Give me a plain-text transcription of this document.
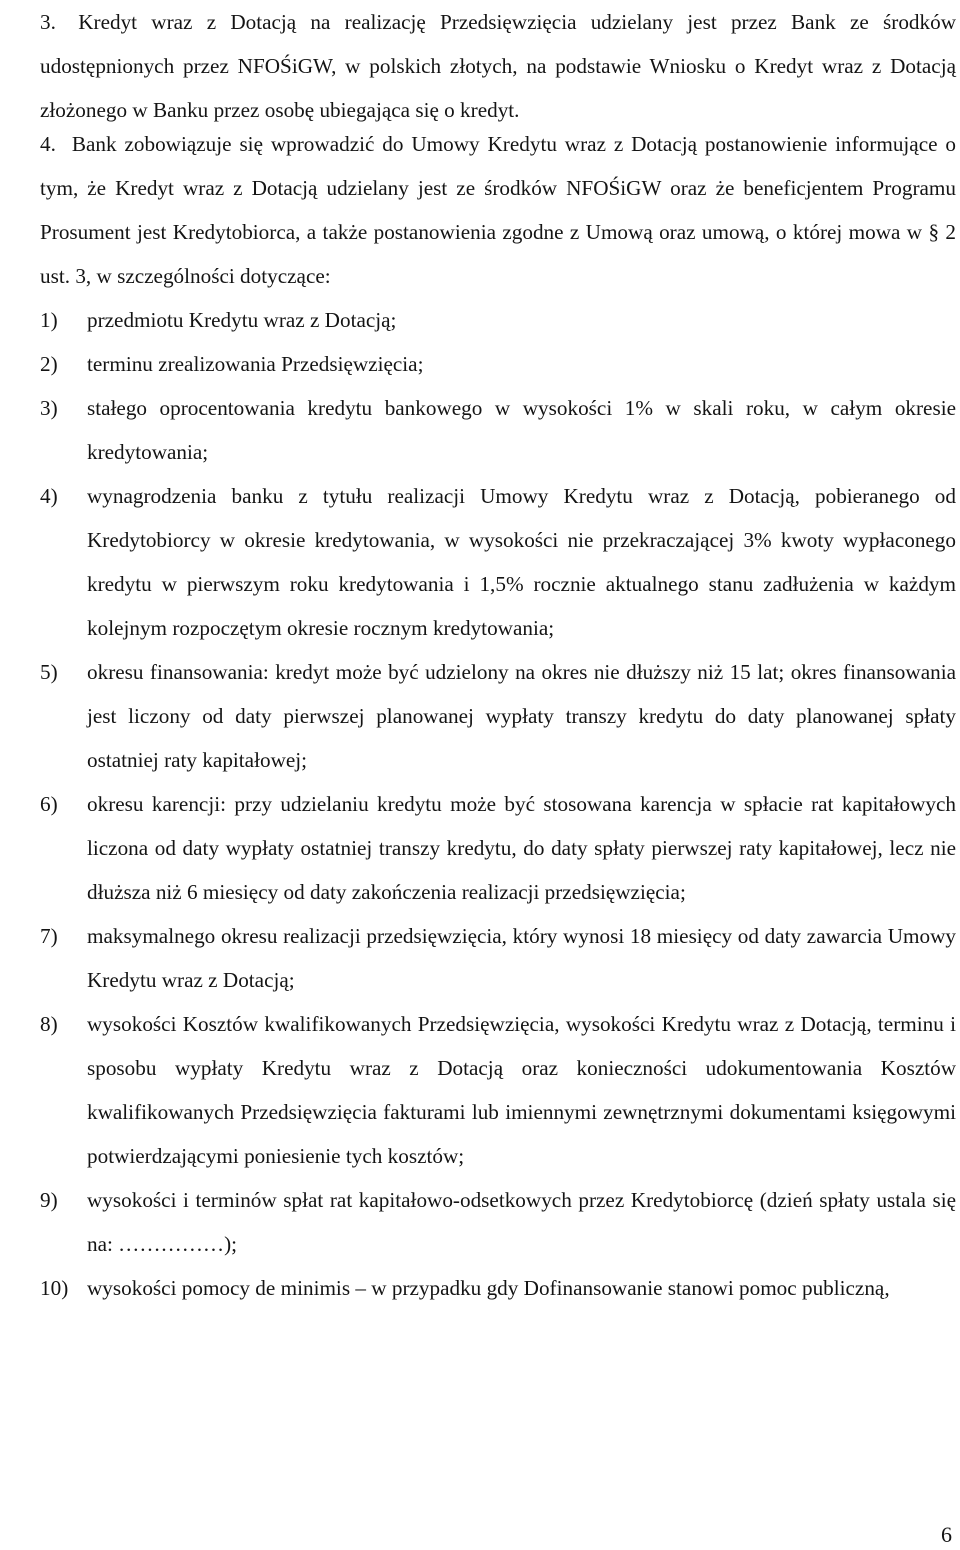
3. Kredyt wraz z Dotacją na realizację Przedsięwzięcia udzielany jest przez Bank ze środków udostępnionych przez NFOŚiGW, w polskich złotych, na podstawie Wniosku o Kredyt wraz z Dotacją złożonego w Banku przez osobę ubiegająca się o kredyt.
4. Bank zobowiązuje się wprowadzić do Umowy Kredytu wraz z Dotacją postanowienie informujące o tym, że Kredyt wraz z Dotacją udzielany jest ze środków NFOŚiGW oraz że beneficjentem Programu Prosument jest Kredytobiorca, a także postanowienia zgodne z Umową oraz umową, o której mowa w § 2 ust. 3, w szczególności dotyczące:
1)	przedmiotu Kredytu wraz z Dotacją;
2)	terminu zrealizowania Przedsięwzięcia;
3)	stałego oprocentowania kredytu bankowego w wysokości 1% w skali roku, w całym okresie kredytowania;
4)	wynagrodzenia banku z tytułu realizacji Umowy Kredytu wraz z Dotacją, pobieranego od Kredytobiorcy w okresie kredytowania, w wysokości nie przekraczającej 3% kwoty wypłaconego kredytu w pierwszym roku kredytowania i 1,5% rocznie aktualnego stanu zadłużenia w każdym kolejnym rozpoczętym okresie rocznym kredytowania;
5)	okresu finansowania: kredyt może być udzielony na okres nie dłuższy niż 15 lat; okres finansowania jest liczony od daty pierwszej planowanej wypłaty transzy kredytu do daty planowanej spłaty ostatniej raty kapitałowej;
6)	okresu karencji: przy udzielaniu kredytu może być stosowana karencja w spłacie rat kapitałowych liczona od daty wypłaty ostatniej transzy kredytu, do daty spłaty pierwszej raty kapitałowej, lecz nie dłuższa niż 6 miesięcy od daty zakończenia realizacji przedsięwzięcia;
7)	maksymalnego okresu realizacji przedsięwzięcia, który wynosi 18 miesięcy od daty zawarcia Umowy Kredytu wraz z Dotacją;
8)	wysokości Kosztów kwalifikowanych Przedsięwzięcia, wysokości Kredytu wraz z Dotacją, terminu i sposobu wypłaty Kredytu wraz z Dotacją oraz konieczności udokumentowania Kosztów kwalifikowanych Przedsięwzięcia fakturami lub imiennymi zewnętrznymi dokumentami księgowymi potwierdzającymi poniesienie tych kosztów;
9)	wysokości i terminów spłat rat kapitałowo-odsetkowych przez Kredytobiorcę (dzień spłaty ustala się na: ……………);
10) wysokości pomocy de minimis – w przypadku gdy Dofinansowanie stanowi pomoc publiczną,
6
